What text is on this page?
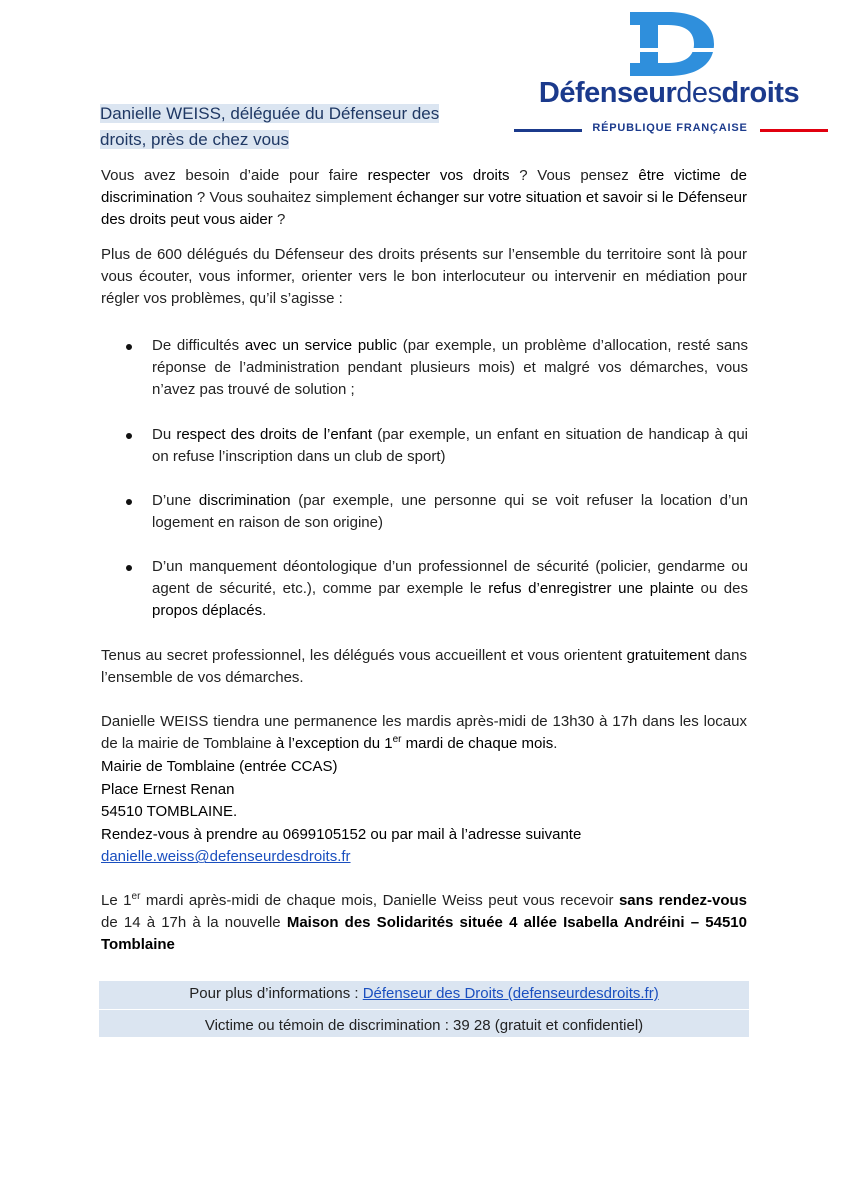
Défenseurdesdroits
RÉPUBLIQUE FRANÇAISE
Danielle WEISS, déléguée du Défenseur des
droits, près de chez vous
Vous avez besoin d’aide pour faire respecter vos droits ? Vous pensez être victime de discrimination ? Vous souhaitez simplement échanger sur votre situation et savoir si le Défenseur des droits peut vous aider ?
Plus de 600 délégués du Défenseur des droits présents sur l’ensemble du territoire sont là pour vous écouter, vous informer, orienter vers le bon interlocuteur ou intervenir en médiation pour régler vos problèmes, qu’il s’agisse :
De difficultés avec un service public (par exemple, un problème d’allocation, resté sans réponse de l’administration pendant plusieurs mois) et malgré vos démarches, vous n’avez pas trouvé de solution ;
Du respect des droits de l’enfant (par exemple, un enfant en situation de handicap à qui on refuse l’inscription dans un club de sport)
D’une discrimination (par exemple, une personne qui se voit refuser la location d’un logement en raison de son origine)
D’un manquement déontologique d’un professionnel de sécurité (policier, gendarme ou agent de sécurité, etc.), comme par exemple le refus d’enregistrer une plainte ou des propos déplacés.
Tenus au secret professionnel, les délégués vous accueillent et vous orientent gratuitement dans l’ensemble de vos démarches.
Danielle WEISS tiendra une permanence les mardis après-midi de 13h30 à 17h dans les locaux de la mairie de Tomblaine à l’exception du 1er mardi de chaque mois.
Mairie de Tomblaine (entrée CCAS)
Place Ernest Renan
54510 TOMBLAINE.
Rendez-vous à prendre au 0699105152 ou par mail à l’adresse suivante
danielle.weiss@defenseurdesdroits.fr
Le 1er mardi après-midi de chaque mois, Danielle Weiss peut vous recevoir sans rendez-vous de 14 à 17h à la nouvelle Maison des Solidarités située 4 allée Isabella Andréini – 54510 Tomblaine
Pour plus d’informations : Défenseur des Droits (defenseurdesdroits.fr)
Victime ou témoin de discrimination : 39 28 (gratuit et confidentiel)
